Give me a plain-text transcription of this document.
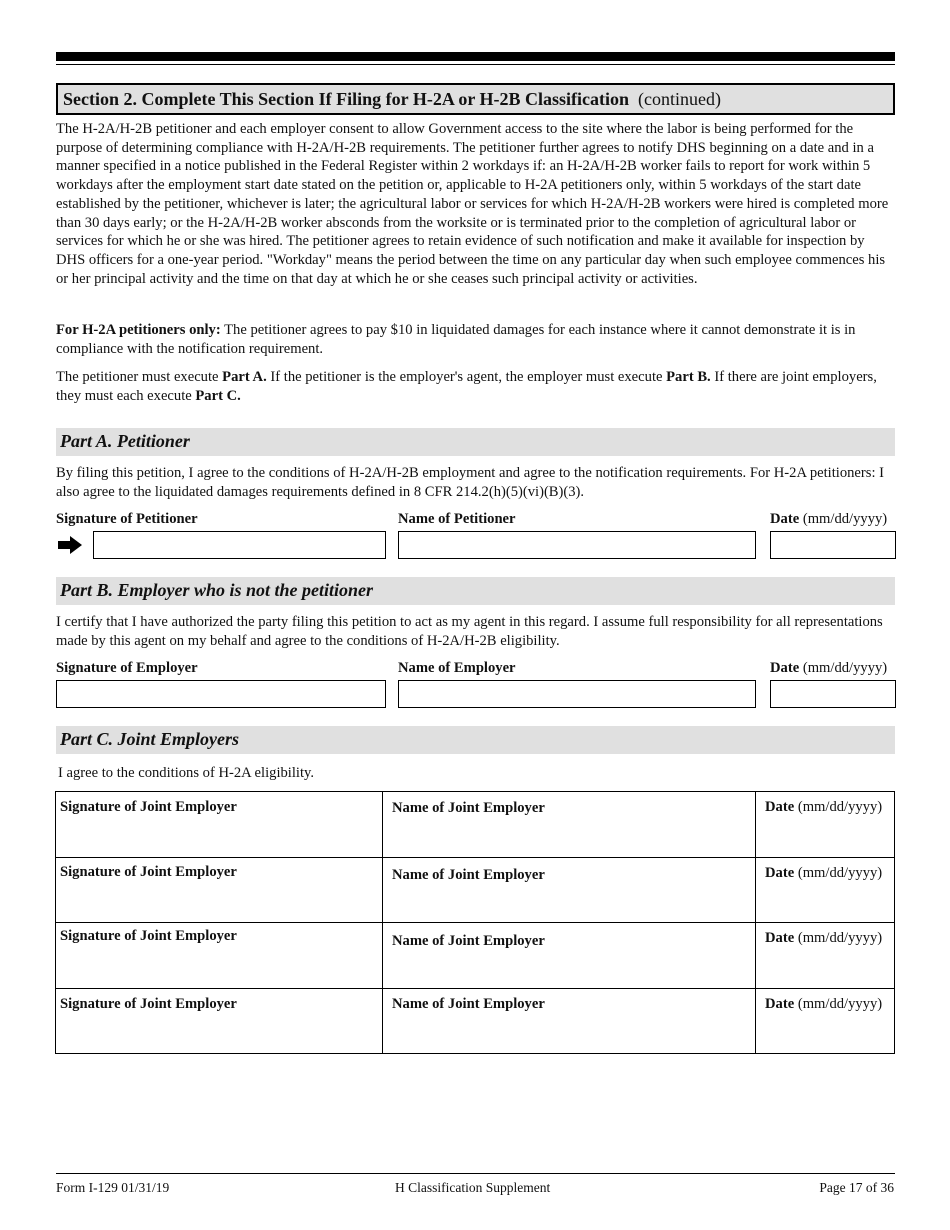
Section 2. Complete This Section If Filing for H-2A or H-2B Classification (continued)

The H-2A/H-2B petitioner and each employer consent to allow Government access to the site where the labor is being performed for the purpose of determining compliance with H-2A/H-2B requirements. The petitioner further agrees to notify DHS beginning on a date and in a manner specified in a notice published in the Federal Register within 2 workdays if: an H-2A/H-2B worker fails to report for work within 5 workdays after the employment start date stated on the petition or, applicable to H-2A petitioners only, within 5 workdays of the start date established by the petitioner, whichever is later; the agricultural labor or services for which H-2A/H-2B workers were hired is completed more than 30 days early; or the H-2A/H-2B worker absconds from the worksite or is terminated prior to the completion of agricultural labor or services for which he or she was hired. The petitioner agrees to retain evidence of such notification and make it available for inspection by DHS officers for a one-year period. "Workday" means the period between the time on any particular day when such employee commences his or her principal activity and the time on that day at which he or she ceases such principal activity or activities.

For H-2A petitioners only: The petitioner agrees to pay $10 in liquidated damages for each instance where it cannot demonstrate it is in compliance with the notification requirement.

The petitioner must execute Part A. If the petitioner is the employer's agent, the employer must execute Part B. If there are joint employers, they must each execute Part C.

Part A. Petitioner

By filing this petition, I agree to the conditions of H-2A/H-2B employment and agree to the notification requirements. For H-2A petitioners: I also agree to the liquidated damages requirements defined in 8 CFR 214.2(h)(5)(vi)(B)(3).

Signature of Petitioner	Name of Petitioner	Date (mm/dd/yyyy)
Part B. Employer who is not the petitioner

I certify that I have authorized the party filing this petition to act as my agent in this regard. I assume full responsibility for all representations made by this agent on my behalf and agree to the conditions of H-2A/H-2B eligibility.

Signature of Employer	Name of Employer	Date (mm/dd/yyyy)
Part C. Joint Employers

I agree to the conditions of H-2A eligibility.

Signature of Joint Employer	Name of Joint Employer	Date (mm/dd/yyyy)

Signature of Joint Employer	Name of Joint Employer	Date (mm/dd/yyyy)

Signature of Joint Employer	Name of Joint Employer	Date (mm/dd/yyyy)

Signature of Joint Employer	Name of Joint Employer	Date (mm/dd/yyyy)
Form I-129 01/31/19	H Classification Supplement	Page 17 of 36
